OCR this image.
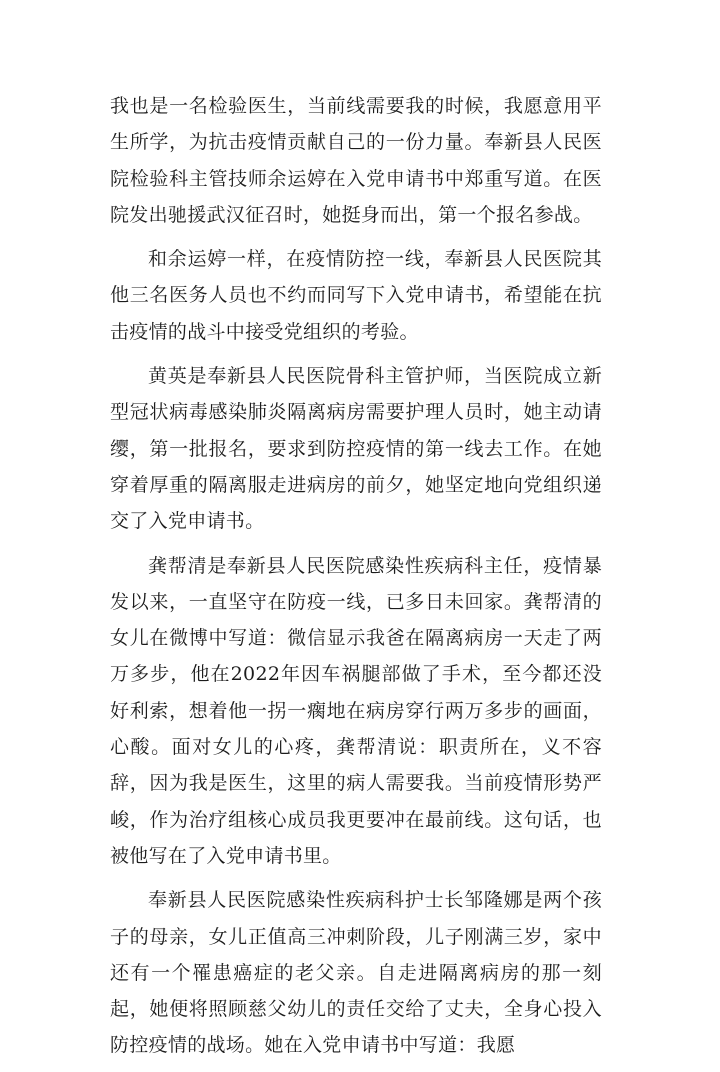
我也是一名检验医生，当前线需要我的时候，我愿意用平生所学，为抗击疫情贡献自己的一份力量。奉新县人民医院检验科主管技师余运婷在入党申请书中郑重写道。在医院发出驰援武汉征召时，她挺身而出，第一个报名参战。

和余运婷一样，在疫情防控一线，奉新县人民医院其他三名医务人员也不约而同写下入党申请书，希望能在抗击疫情的战斗中接受党组织的考验。

黄英是奉新县人民医院骨科主管护师，当医院成立新型冠状病毒感染肺炎隔离病房需要护理人员时，她主动请缨，第一批报名，要求到防控疫情的第一线去工作。在她穿着厚重的隔离服走进病房的前夕，她坚定地向党组织递交了入党申请书。

龚帮清是奉新县人民医院感染性疾病科主任，疫情暴发以来，一直坚守在防疫一线，已多日未回家。龚帮清的女儿在微博中写道：微信显示我爸在隔离病房一天走了两万多步，他在2022年因车祸腿部做了手术，至今都还没好利索，想着他一拐一瘸地在病房穿行两万多步的画面，心酸。面对女儿的心疼，龚帮清说：职责所在，义不容辞，因为我是医生，这里的病人需要我。当前疫情形势严峻，作为治疗组核心成员我更要冲在最前线。这句话，也被他写在了入党申请书里。

奉新县人民医院感染性疾病科护士长邹隆娜是两个孩子的母亲，女儿正值高三冲刺阶段，儿子刚满三岁，家中还有一个罹患癌症的老父亲。自走进隔离病房的那一刻起，她便将照顾慈父幼儿的责任交给了丈夫，全身心投入防控疫情的战场。她在入党申请书中写道：我愿
